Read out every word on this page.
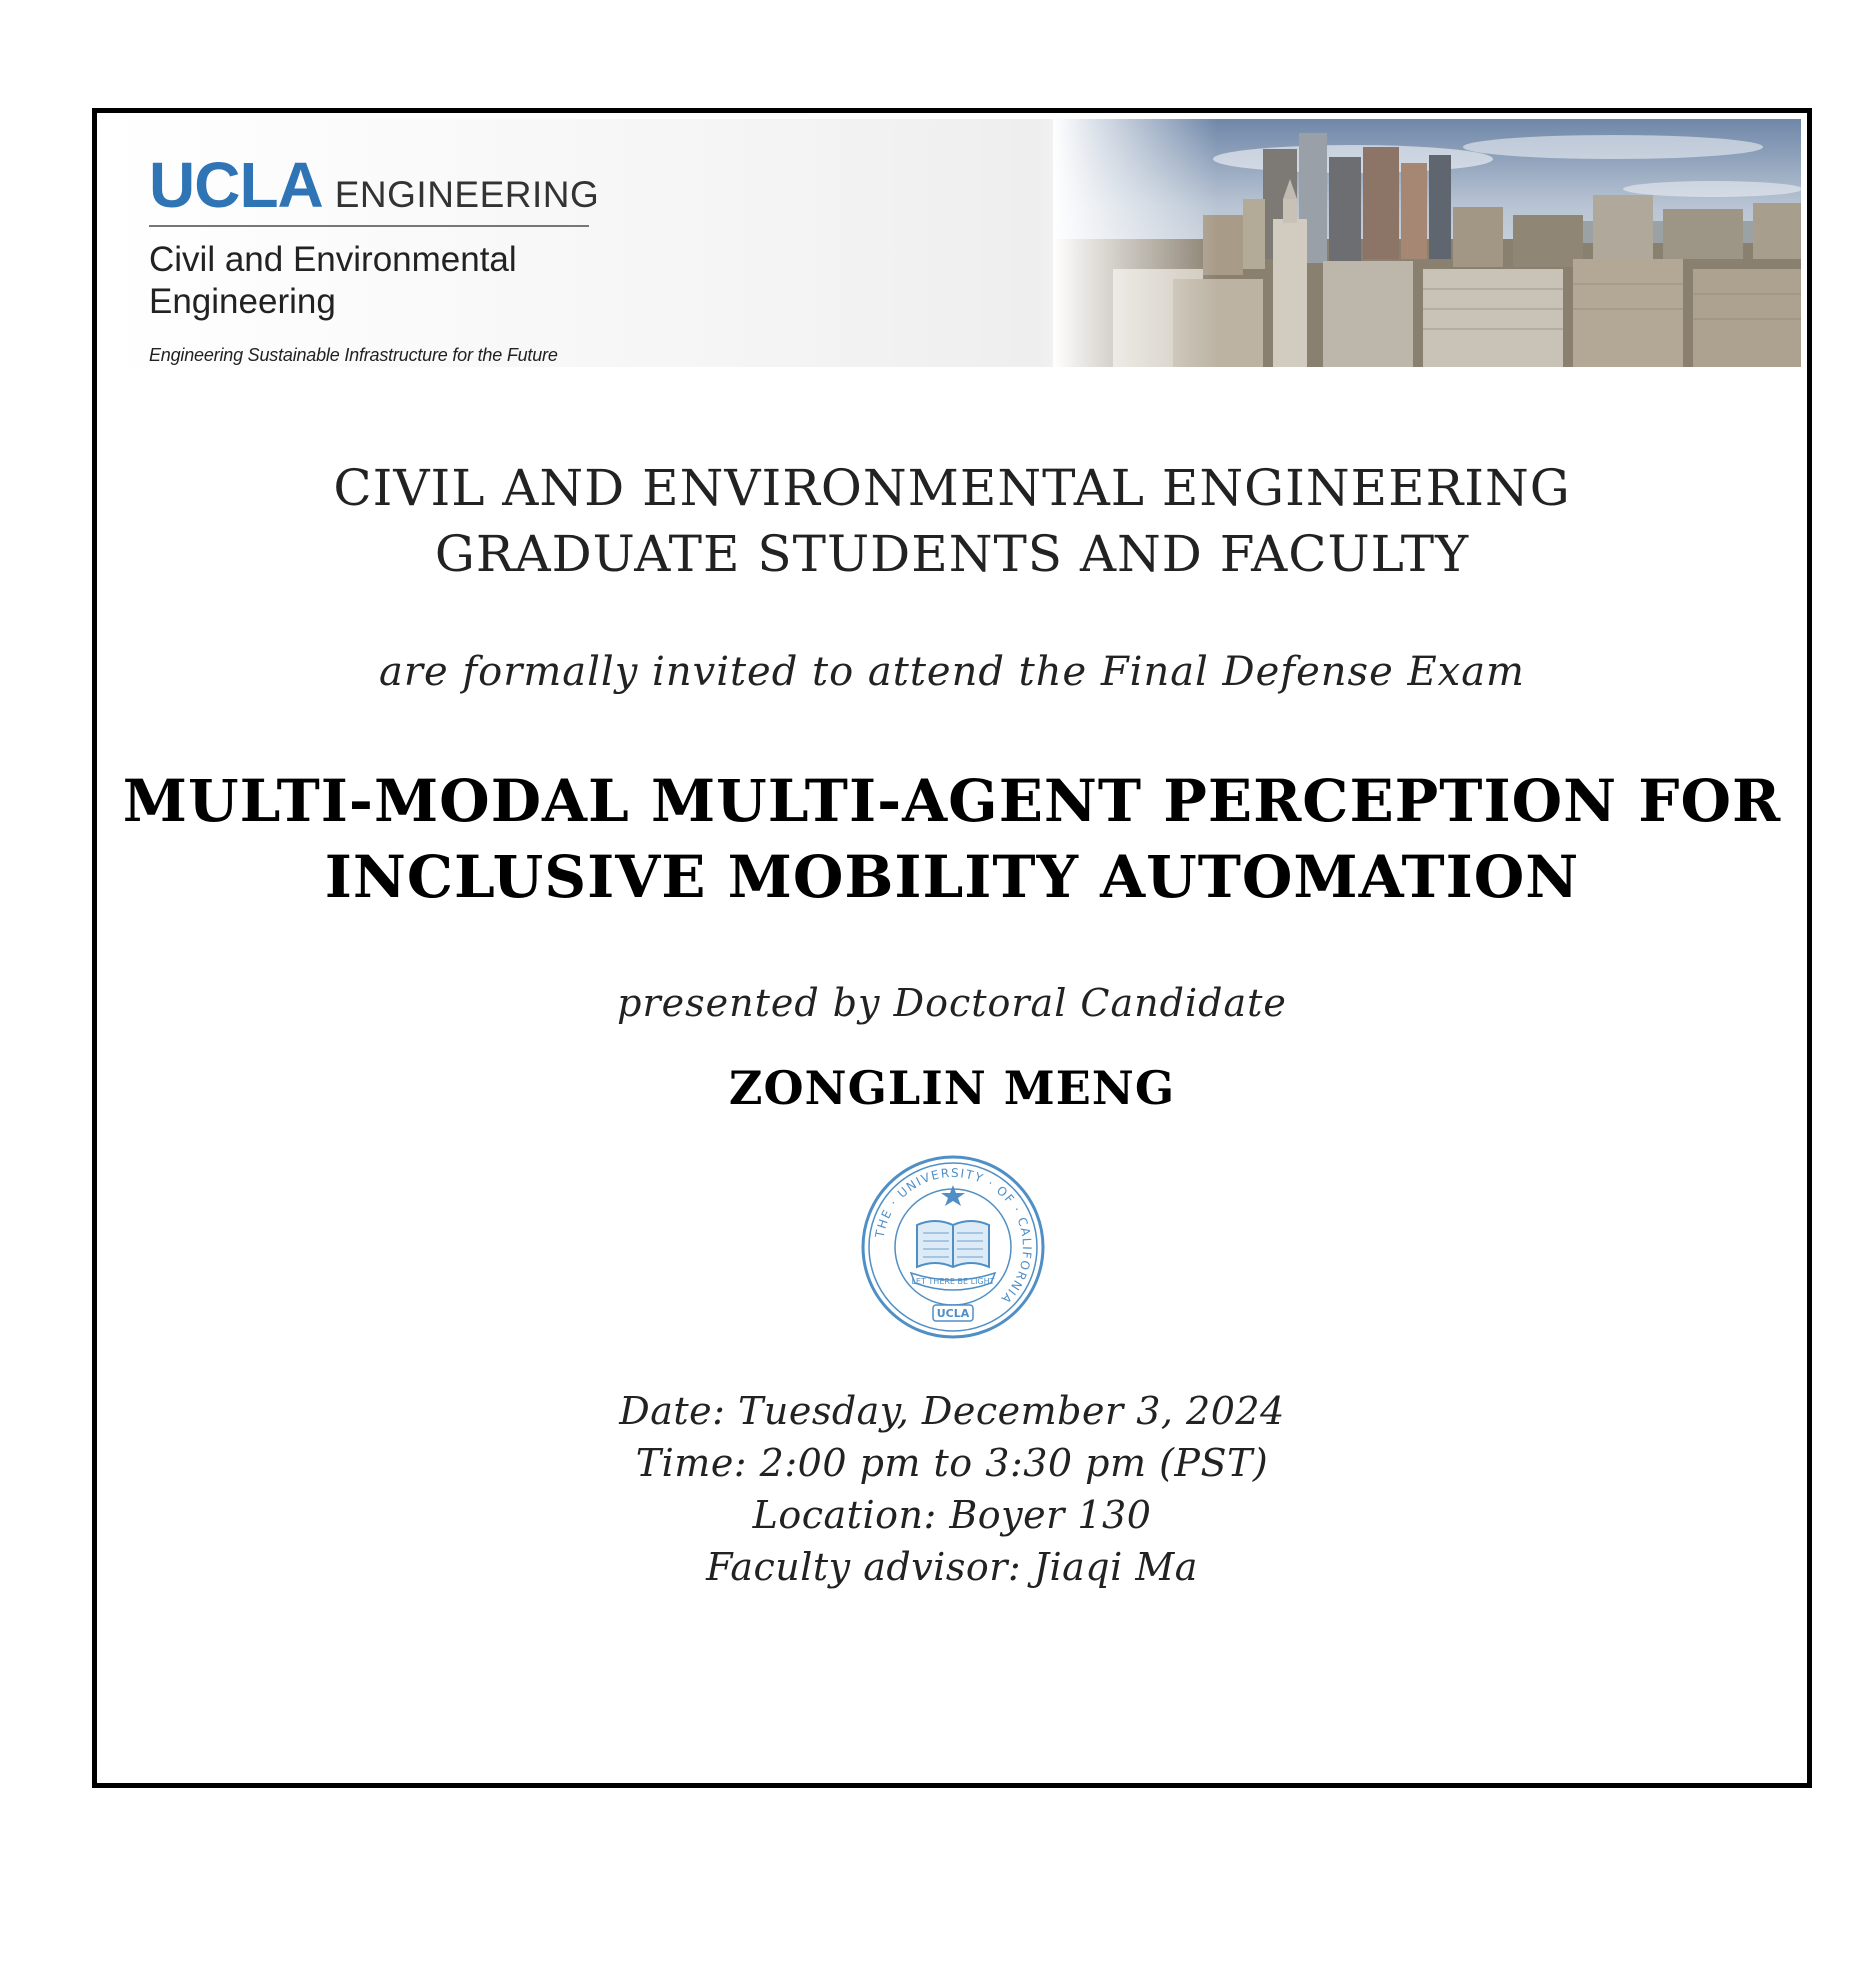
UCLA ENGINEERING
Civil and Environmental
Engineering
Engineering Sustainable Infrastructure for the Future
CIVIL AND ENVIRONMENTAL ENGINEERING
GRADUATE STUDENTS AND FACULTY
are formally invited to attend the Final Defense Exam
MULTI-MODAL MULTI-AGENT PERCEPTION FOR
INCLUSIVE MOBILITY AUTOMATION
presented by Doctoral Candidate
ZONGLIN MENG
THE · UNIVERSITY · OF · CALIFORNIA
LET THERE BE LIGHT
UCLA
Date: Tuesday, December 3, 2024
Time: 2:00 pm to 3:30 pm (PST)
Location: Boyer 130
Faculty advisor: Jiaqi Ma
